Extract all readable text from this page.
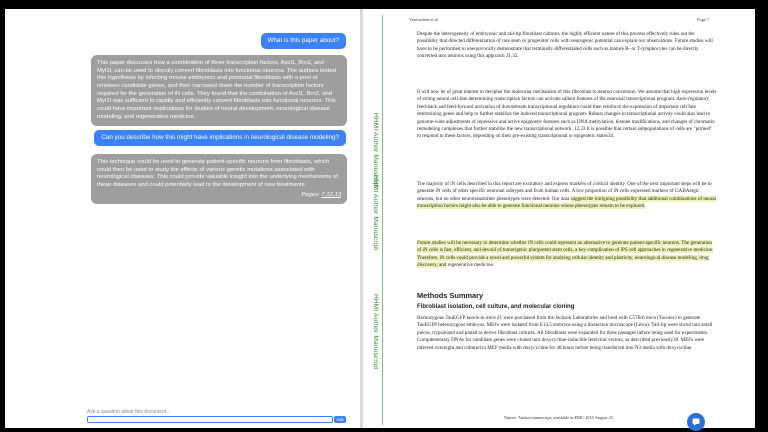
What is this paper about?
This paper discusses how a combination of three transcription factors, Ascl1, Brn2, and Myt1l, can be used to directly convert fibroblasts into functional neurons. The authors tested this hypothesis by infecting mouse embryonic and postnatal fibroblasts with a pool of nineteen candidate genes, and then narrowed down the number of transcription factors required for the generation of iN cells. They found that the combination of Ascl1, Brn2, and Myt1l was sufficient to rapidly and efficiently convert fibroblasts into functional neurons. This could have important implications for studies of neural development, neurological disease modeling, and regenerative medicine.
Can you describe how this might have implications in neurological disease modeling?
This technique could be used to generate patient-specific neurons from fibroblasts, which could then be used to study the effects of various genetic mutations associated with neurological diseases. This could provide valuable insight into the underlying mechanisms of these diseases and could potentially lead to the development of new treatments.
Pages: 7,12,13
Ask a question about this document...
Ask
HHMI Author Manuscript
HHMI Author Manuscript
HHMI Author Manuscript
Vierbuchen et al.	Page 7
Despite the heterogeneity of embryonic and tail-tip fibroblast cultures, the highly efficient nature of this process effectively rules out the possibility that directed differentiation of rare stem or progenitor cells with neurogenic potential can explain our observations. Future studies will have to be performed to unequivocally demonstrate that terminally differentiated cells such as mature B- or T-lymphocytes can be directly converted into neurons using this approach 31,32.
It will now be of great interest to decipher the molecular mechanism of this fibroblast to neuron conversion. We assume that high expression levels of strong neural cell-fate determining transcription factors can activate salient features of the neuronal transcriptional program. Auto-regulatory feed-back and feed-forward activation of downstream transcriptional regulators could then reinforce the expression of important cell fate determining genes and help to further stabilize the induced transcriptional program. Robust changes in transcriptional activity could also lead to genome-wide adjustments of repressive and active epigenetic features such as DNA methylation, histone modifications, and changes of chromatin remodeling complexes that further stabilize the new transcriptional network. 12,33 It is possible that certain subpopulations of cells are "primed" to respond to these factors, depending on their pre-existing transcriptional or epigenetic states34.
The majority of iN cells described in this report are excitatory and express markers of cortical identity. One of the next important steps will be to generate iN cells of other specific neuronal subtypes and from human cells. A low proportion of iN cells expressed markers of GABAergic neurons, but no other neurotransmitter phenotypes were detected. Our data suggest the intriguing possibility that additional combinations of neural transcription factors might also be able to generate functional neurons whose phenotypes remain to be explored.
Future studies will be necessary to determine whether iN cells could represent an alternative to generate patient-specific neurons. The generation of iN cells is fast, efficient, and devoid of tumorigenic pluripotent stem cells, a key complication of iPS cell approaches in regenerative medicine. Therefore, iN cells could provide a novel and powerful system for studying cellular identity and plasticity, neurological disease modeling, drug discovery, and regenerative medicine.
Methods Summary
Fibroblast isolation, cell culture, and molecular cloning
Homozygous TauEGFP knock-in mice 21 were purchased from the Jackson Laboratories and bred with C57B/6 mice (Taconic) to generate TauEGFP heterozygous embryos. MEFs were isolated from E14.5 embryos using a dissection microscope (Leica). Tail-tip wees sliced into small pieces, trypsinized and plated to derive fibroblast cultures. All fibroblasts were expanded for three passages before being used for experiments. Complementary DNAs for candidate genes were cloned into doxycycline-inducible lentiviral vectors, as described previously30. MEFs were infected overnight and cultured in MEF media with doxycycline for 48 hours before being transferred into N3 media with doxycycline.
Nature. Author manuscript; available in PMC 2010 August 25.
